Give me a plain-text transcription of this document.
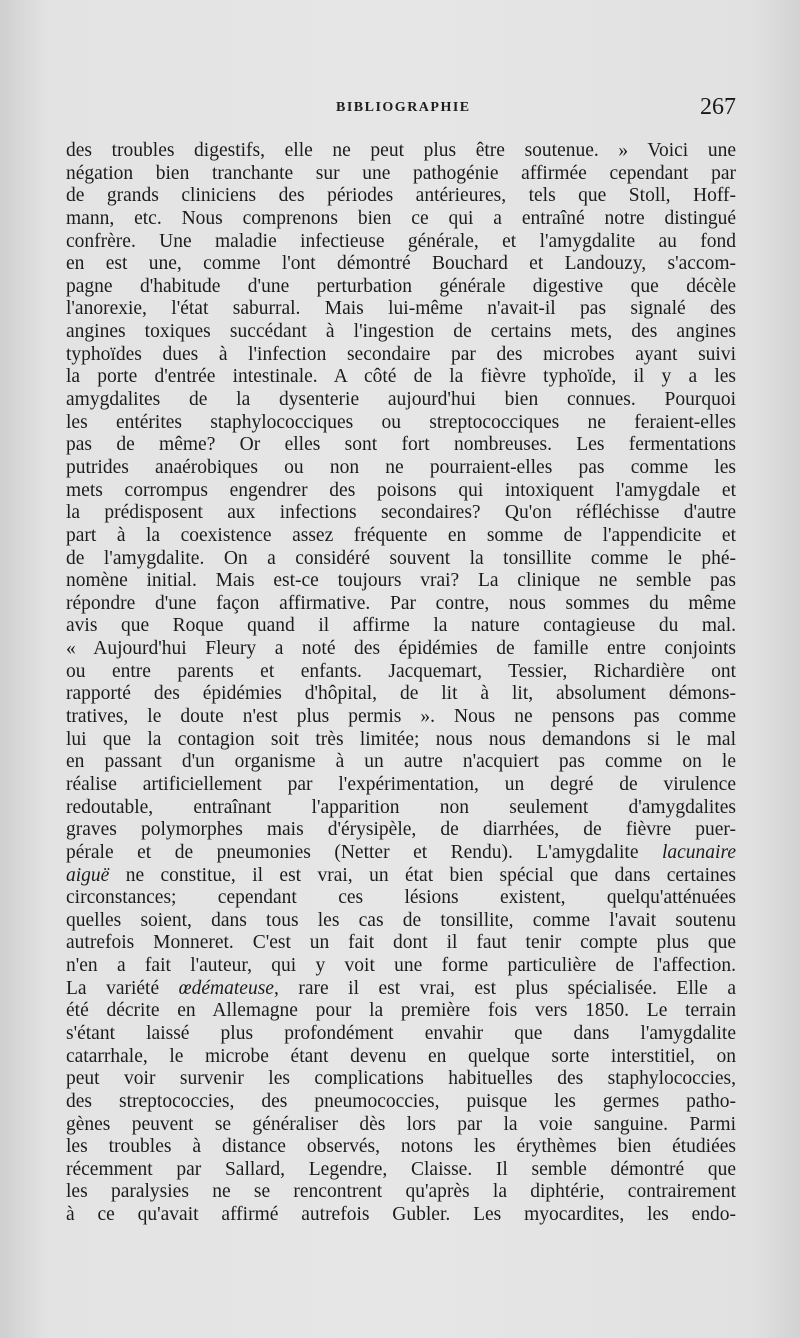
BIBLIOGRAPHIE	267
des troubles digestifs, elle ne peut plus être soutenue. » Voici une
négation bien tranchante sur une pathogénie affirmée cependant par
de grands cliniciens des périodes antérieures, tels que Stoll, Hoff-
mann, etc. Nous comprenons bien ce qui a entraîné notre distingué
confrère. Une maladie infectieuse générale, et l'amygdalite au fond
en est une, comme l'ont démontré Bouchard et Landouzy, s'accom-
pagne d'habitude d'une perturbation générale digestive que décèle
l'anorexie, l'état saburral. Mais lui-même n'avait-il pas signalé des
angines toxiques succédant à l'ingestion de certains mets, des angines
typhoïdes dues à l'infection secondaire par des microbes ayant suivi
la porte d'entrée intestinale. A côté de la fièvre typhoïde, il y a les
amygdalites de la dysenterie aujourd'hui bien connues. Pourquoi
les entérites staphylococciques ou streptococciques ne feraient-elles
pas de même? Or elles sont fort nombreuses. Les fermentations
putrides anaérobiques ou non ne pourraient-elles pas comme les
mets corrompus engendrer des poisons qui intoxiquent l'amygdale et
la prédisposent aux infections secondaires? Qu'on réfléchisse d'autre
part à la coexistence assez fréquente en somme de l'appendicite et
de l'amygdalite. On a considéré souvent la tonsillite comme le phé-
nomène initial. Mais est-ce toujours vrai? La clinique ne semble pas
répondre d'une façon affirmative. Par contre, nous sommes du même
avis que Roque quand il affirme la nature contagieuse du mal.
« Aujourd'hui Fleury a noté des épidémies de famille entre conjoints
ou entre parents et enfants. Jacquemart, Tessier, Richardière ont
rapporté des épidémies d'hôpital, de lit à lit, absolument démons-
tratives, le doute n'est plus permis ». Nous ne pensons pas comme
lui que la contagion soit très limitée; nous nous demandons si le mal
en passant d'un organisme à un autre n'acquiert pas comme on le
réalise artificiellement par l'expérimentation, un degré de virulence
redoutable, entraînant l'apparition non seulement d'amygdalites
graves polymorphes mais d'érysipèle, de diarrhées, de fièvre puer-
pérale et de pneumonies (Netter et Rendu). L'amygdalite lacunaire
aiguë ne constitue, il est vrai, un état bien spécial que dans certaines
circonstances; cependant ces lésions existent, quelqu'atténuées
quelles soient, dans tous les cas de tonsillite, comme l'avait soutenu
autrefois Monneret. C'est un fait dont il faut tenir compte plus que
n'en a fait l'auteur, qui y voit une forme particulière de l'affection.
La variété œdémateuse, rare il est vrai, est plus spécialisée. Elle a
été décrite en Allemagne pour la première fois vers 1850. Le terrain
s'étant laissé plus profondément envahir que dans l'amygdalite
catarrhale, le microbe étant devenu en quelque sorte interstitiel, on
peut voir survenir les complications habituelles des staphylococcies,
des streptococcies, des pneumococcies, puisque les germes patho-
gènes peuvent se généraliser dès lors par la voie sanguine. Parmi
les troubles à distance observés, notons les érythèmes bien étudiées
récemment par Sallard, Legendre, Claisse. Il semble démontré que
les paralysies ne se rencontrent qu'après la diphtérie, contrairement
à ce qu'avait affirmé autrefois Gubler. Les myocardites, les endo-
